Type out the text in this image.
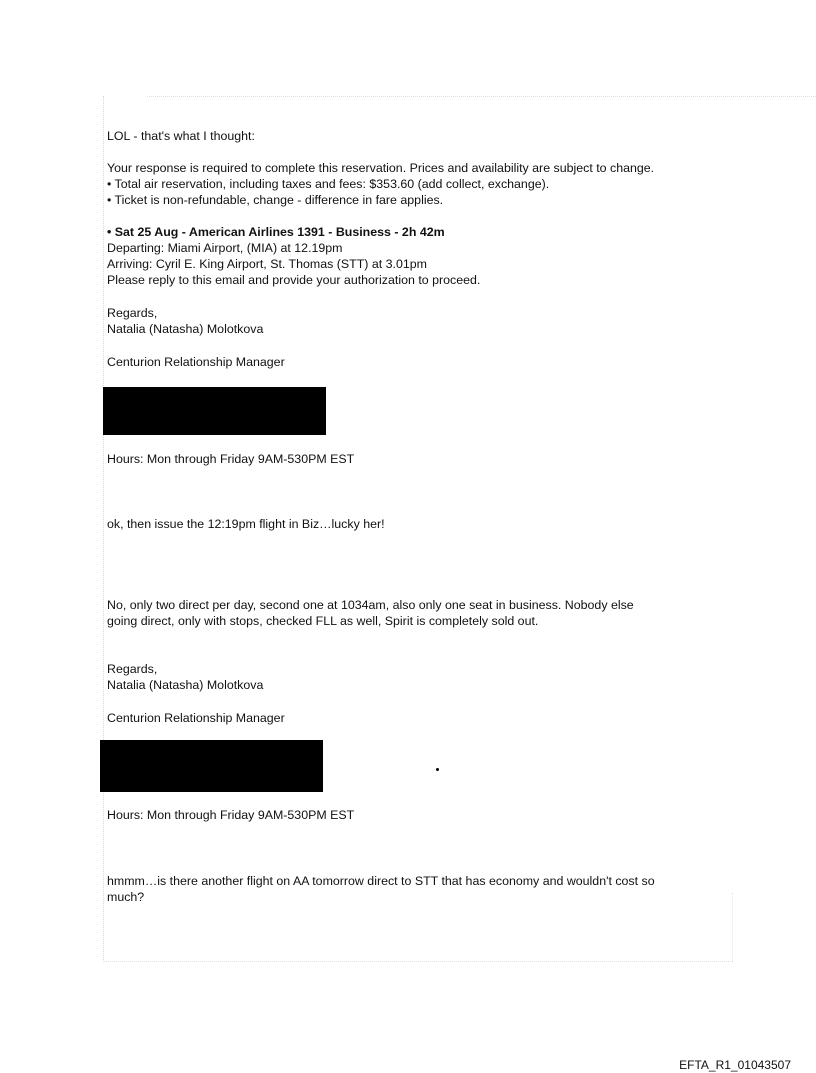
LOL - that's what I thought:

Your response is required to complete this reservation. Prices and availability are subject to change.
• Total air reservation, including taxes and fees: $353.60 (add collect, exchange).
• Ticket is non-refundable, change - difference in fare applies.
• Sat 25 Aug - American Airlines 1391 - Business - 2h 42m
Departing: Miami Airport, (MIA) at 12.19pm
Arriving: Cyril E. King Airport, St. Thomas (STT) at 3.01pm
Please reply to this email and provide your authorization to proceed.
Regards,
Natalia (Natasha) Molotkova

Centurion Relationship Manager

Hours: Mon through Friday 9AM-530PM EST

ok, then issue the 12:19pm flight in Biz…lucky her!

No, only two direct per day, second one at 1034am, also only one seat in business. Nobody else
going direct, only with stops, checked FLL as well, Spirit is completely sold out.
Regards,
Natalia (Natasha) Molotkova

Centurion Relationship Manager

Hours: Mon through Friday 9AM-530PM EST

hmmm…is there another flight on AA tomorrow direct to STT that has economy and wouldn't cost so
much?
EFTA_R1_01043507
